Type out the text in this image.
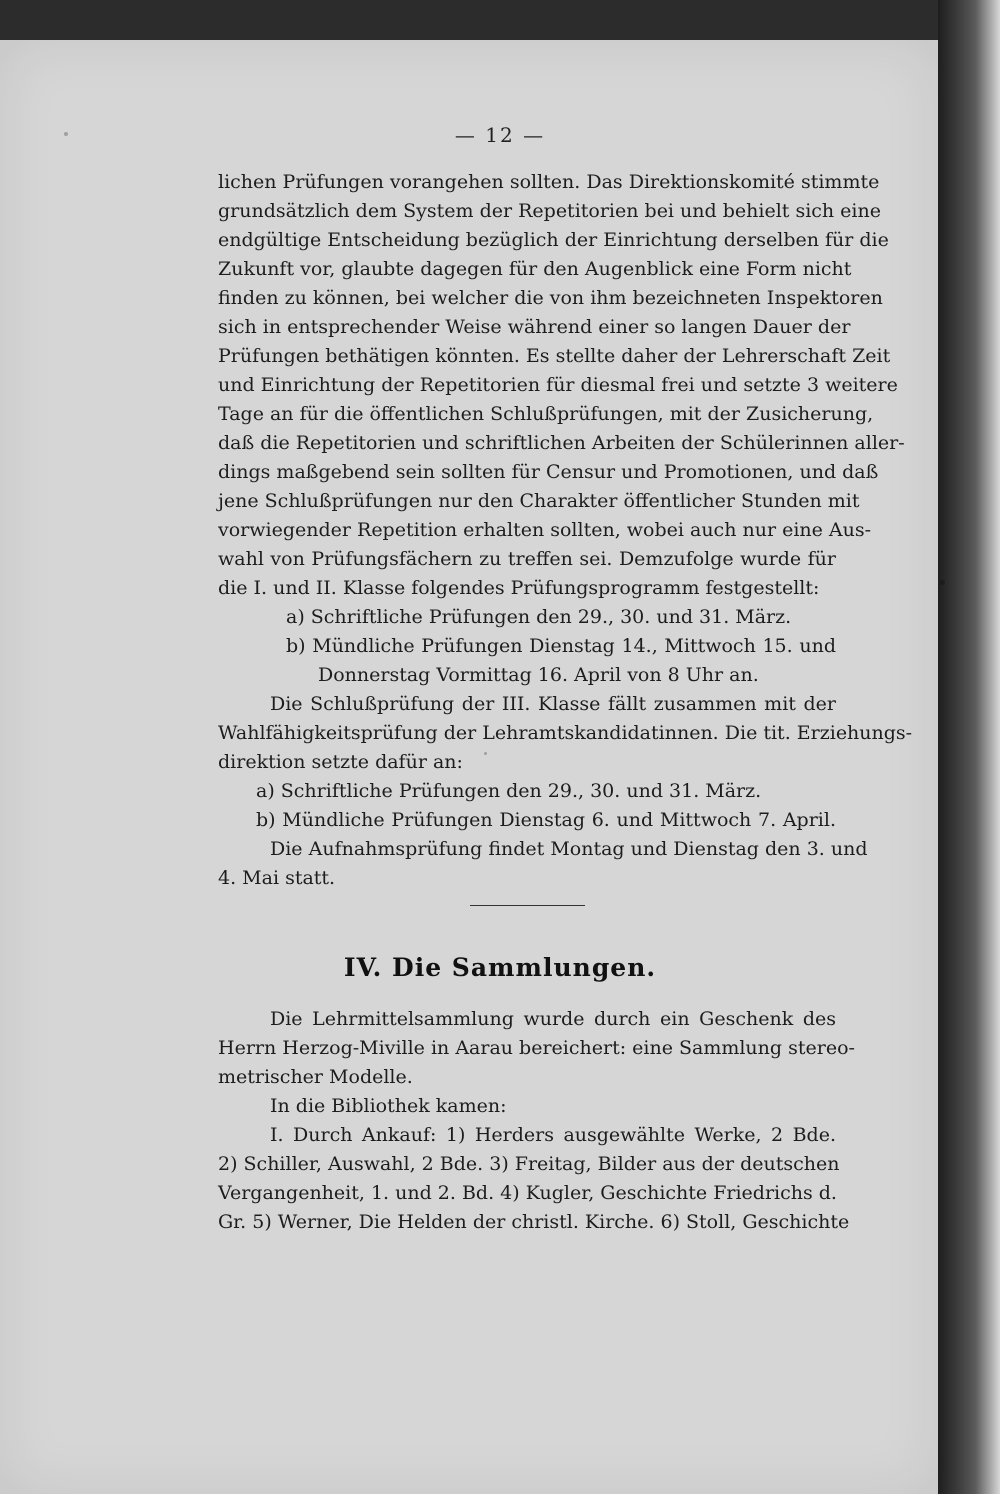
— 12 —
lichen Prüfungen vorangehen sollten. Das Direktionskomité stimmte
grundsätzlich dem System der Repetitorien bei und behielt sich eine
endgültige Entscheidung bezüglich der Einrichtung derselben für die
Zukunft vor, glaubte dagegen für den Augenblick eine Form nicht
finden zu können, bei welcher die von ihm bezeichneten Inspektoren
sich in entsprechender Weise während einer so langen Dauer der
Prüfungen bethätigen könnten. Es stellte daher der Lehrerschaft Zeit
und Einrichtung der Repetitorien für diesmal frei und setzte 3 weitere
Tage an für die öffentlichen Schlußprüfungen, mit der Zusicherung,
daß die Repetitorien und schriftlichen Arbeiten der Schülerinnen aller-
dings maßgebend sein sollten für Censur und Promotionen, und daß
jene Schlußprüfungen nur den Charakter öffentlicher Stunden mit
vorwiegender Repetition erhalten sollten, wobei auch nur eine Aus-
wahl von Prüfungsfächern zu treffen sei. Demzufolge wurde für
die I. und II. Klasse folgendes Prüfungsprogramm festgestellt:
a) Schriftliche Prüfungen den 29., 30. und 31. März.
b) Mündliche Prüfungen Dienstag 14., Mittwoch 15. und
Donnerstag Vormittag 16. April von 8 Uhr an.
Die Schlußprüfung der III. Klasse fällt zusammen mit der
Wahlfähigkeitsprüfung der Lehramtskandidatinnen. Die tit. Erziehungs-
direktion setzte dafür an:
a) Schriftliche Prüfungen den 29., 30. und 31. März.
b) Mündliche Prüfungen Dienstag 6. und Mittwoch 7. April.
Die Aufnahmsprüfung findet Montag und Dienstag den 3. und
4. Mai statt.
IV. Die Sammlungen.
Die Lehrmittelsammlung wurde durch ein Geschenk des
Herrn Herzog-Miville in Aarau bereichert: eine Sammlung stereo-
metrischer Modelle.
In die Bibliothek kamen:
I. Durch Ankauf: 1) Herders ausgewählte Werke, 2 Bde.
2) Schiller, Auswahl, 2 Bde. 3) Freitag, Bilder aus der deutschen
Vergangenheit, 1. und 2. Bd. 4) Kugler, Geschichte Friedrichs d.
Gr. 5) Werner, Die Helden der christl. Kirche. 6) Stoll, Geschichte
